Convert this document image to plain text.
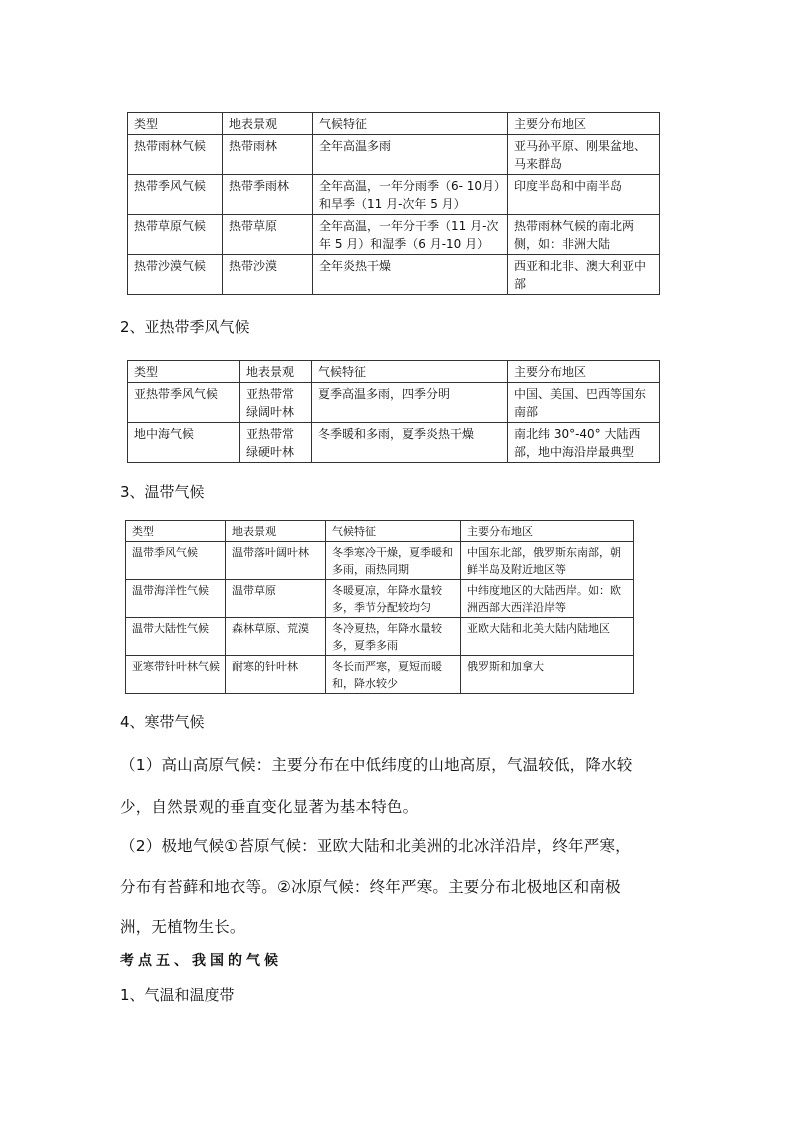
类型	地表景观	气候特征	主要分布地区
热带雨林气候	热带雨林	全年高温多雨	亚马孙平原、刚果盆地、马来群岛
热带季风气候	热带季雨林	全年高温，一年分雨季（6- 10月）和旱季（11 月-次年 5 月）	印度半岛和中南半岛
热带草原气候	热带草原	全年高温，一年分干季（11 月-次年 5 月）和湿季（6 月-10 月）	热带雨林气候的南北两侧，如：非洲大陆
热带沙漠气候	热带沙漠	全年炎热干燥	西亚和北非、澳大利亚中部
2、亚热带季风气候
类型	地表景观	气候特征	主要分布地区
亚热带季风气候	亚热带常绿阔叶林	夏季高温多雨，四季分明	中国、美国、巴西等国东南部
地中海气候	亚热带常绿硬叶林	冬季暖和多雨，夏季炎热干燥	南北纬 30°-40° 大陆西部，地中海沿岸最典型
3、温带气候
类型	地表景观	气候特征	主要分布地区
温带季风气候	温带落叶阔叶林	冬季寒冷干燥，夏季暖和多雨，雨热同期	中国东北部，俄罗斯东南部，朝鲜半岛及附近地区等
温带海洋性气候	温带草原	冬暖夏凉，年降水量较多，季节分配较均匀	中纬度地区的大陆西岸。如：欧洲西部大西洋沿岸等
温带大陆性气候	森林草原、荒漠	冬冷夏热，年降水量较多，夏季多雨	亚欧大陆和北美大陆内陆地区
亚寒带针叶林气候	耐寒的针叶林	冬长而严寒，夏短而暖和，降水较少	俄罗斯和加拿大
4、寒带气候
（1）高山高原气候：主要分布在中低纬度的山地高原，气温较低，降水较
少，自然景观的垂直变化显著为基本特色。
（2）极地气候①苔原气候：亚欧大陆和北美洲的北冰洋沿岸，终年严寒，
分布有苔藓和地衣等。②冰原气候：终年严寒。主要分布北极地区和南极
洲，无植物生长。
考点五、我国的气候
1、气温和温度带
